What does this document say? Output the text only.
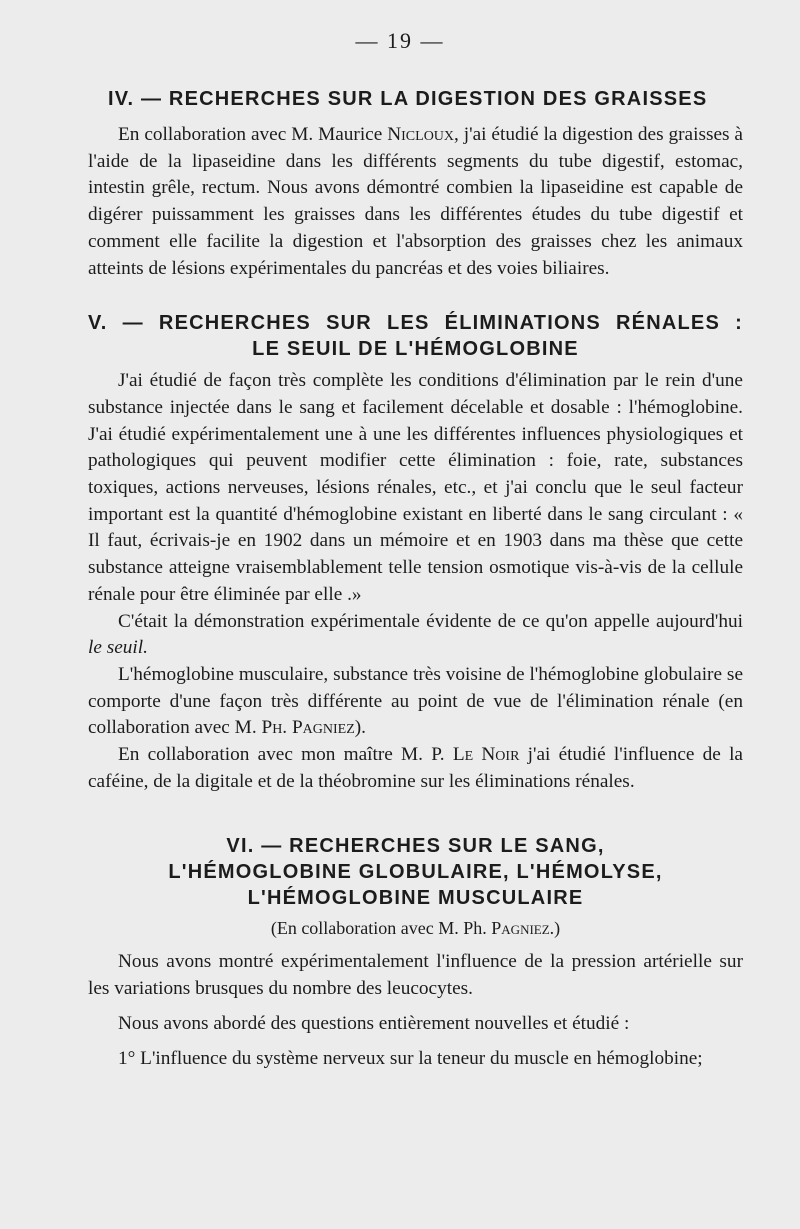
— 19 —
IV. — RECHERCHES SUR LA DIGESTION DES GRAISSES

En collaboration avec M. Maurice Nicloux, j'ai étudié la digestion des graisses à l'aide de la lipaseidine dans les différents segments du tube digestif, estomac, intestin grêle, rectum. Nous avons démontré combien la lipaseidine est capable de digérer puissamment les graisses dans les différentes études du tube digestif et comment elle facilite la digestion et l'absorption des graisses chez les animaux atteints de lésions expérimentales du pancréas et des voies biliaires.

V. — RECHERCHES SUR LES ÉLIMINATIONS RÉNALES :
LE SEUIL DE L'HÉMOGLOBINE

J'ai étudié de façon très complète les conditions d'élimination par le rein d'une substance injectée dans le sang et facilement décelable et dosable : l'hémoglobine. J'ai étudié expérimentalement une à une les différentes influences physiologiques et pathologiques qui peuvent modifier cette élimination : foie, rate, substances toxiques, actions nerveuses, lésions rénales, etc., et j'ai conclu que le seul facteur important est la quantité d'hémoglobine existant en liberté dans le sang circulant : « Il faut, écrivais-je en 1902 dans un mémoire et en 1903 dans ma thèse que cette substance atteigne vraisemblablement telle tension osmotique vis-à-vis de la cellule rénale pour être éliminée par elle .»

C'était la démonstration expérimentale évidente de ce qu'on appelle aujourd'hui le seuil.

L'hémoglobine musculaire, substance très voisine de l'hémoglobine globulaire se comporte d'une façon très différente au point de vue de l'élimination rénale (en collaboration avec M. Ph. Pagniez).

En collaboration avec mon maître M. P. Le Noir j'ai étudié l'influence de la caféine, de la digitale et de la théobromine sur les éliminations rénales.

VI. — RECHERCHES SUR LE SANG,
L'HÉMOGLOBINE GLOBULAIRE, L'HÉMOLYSE,
L'HÉMOGLOBINE MUSCULAIRE
(En collaboration avec M. Ph. Pagniez.)

Nous avons montré expérimentalement l'influence de la pression artérielle sur les variations brusques du nombre des leucocytes.

Nous avons abordé des questions entièrement nouvelles et étudié :

1° L'influence du système nerveux sur la teneur du muscle en hémoglobine;
